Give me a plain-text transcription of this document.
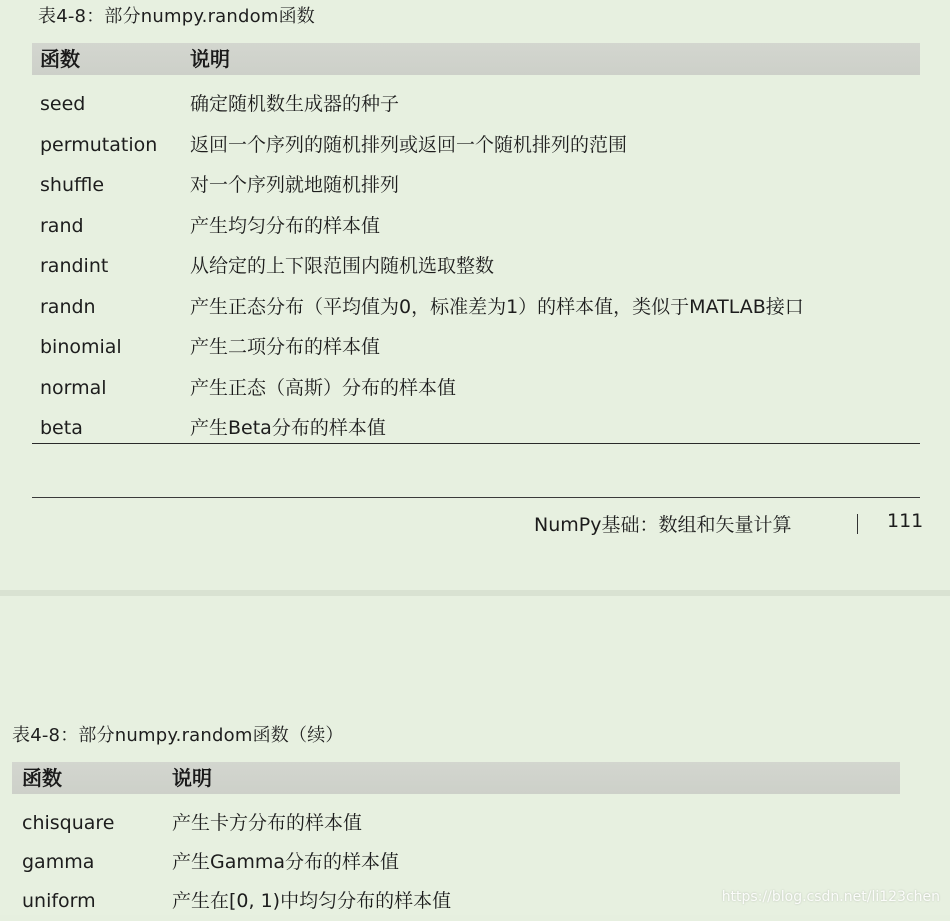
表4-8：部分numpy.random函数
函数	说明
seed	确定随机数生成器的种子
permutation 返回一个序列的随机排列或返回一个随机排列的范围
shuffle	对一个序列就地随机排列
rand	产生均匀分布的样本值
randint	从给定的上下限范围内随机选取整数
randn	产生正态分布（平均值为0，标准差为1）的样本值，类似于MATLAB接口
binomial	产生二项分布的样本值
normal	产生正态（高斯）分布的样本值
beta	产生Beta分布的样本值
NumPy基础：数组和矢量计算	111
表4-8：部分numpy.random函数（续）
函数	说明
chisquare	产生卡方分布的样本值
gamma	产生Gamma分布的样本值
uniform	产生在[0, 1)中均匀分布的样本值	https://blog.csdn.net/li123chen
